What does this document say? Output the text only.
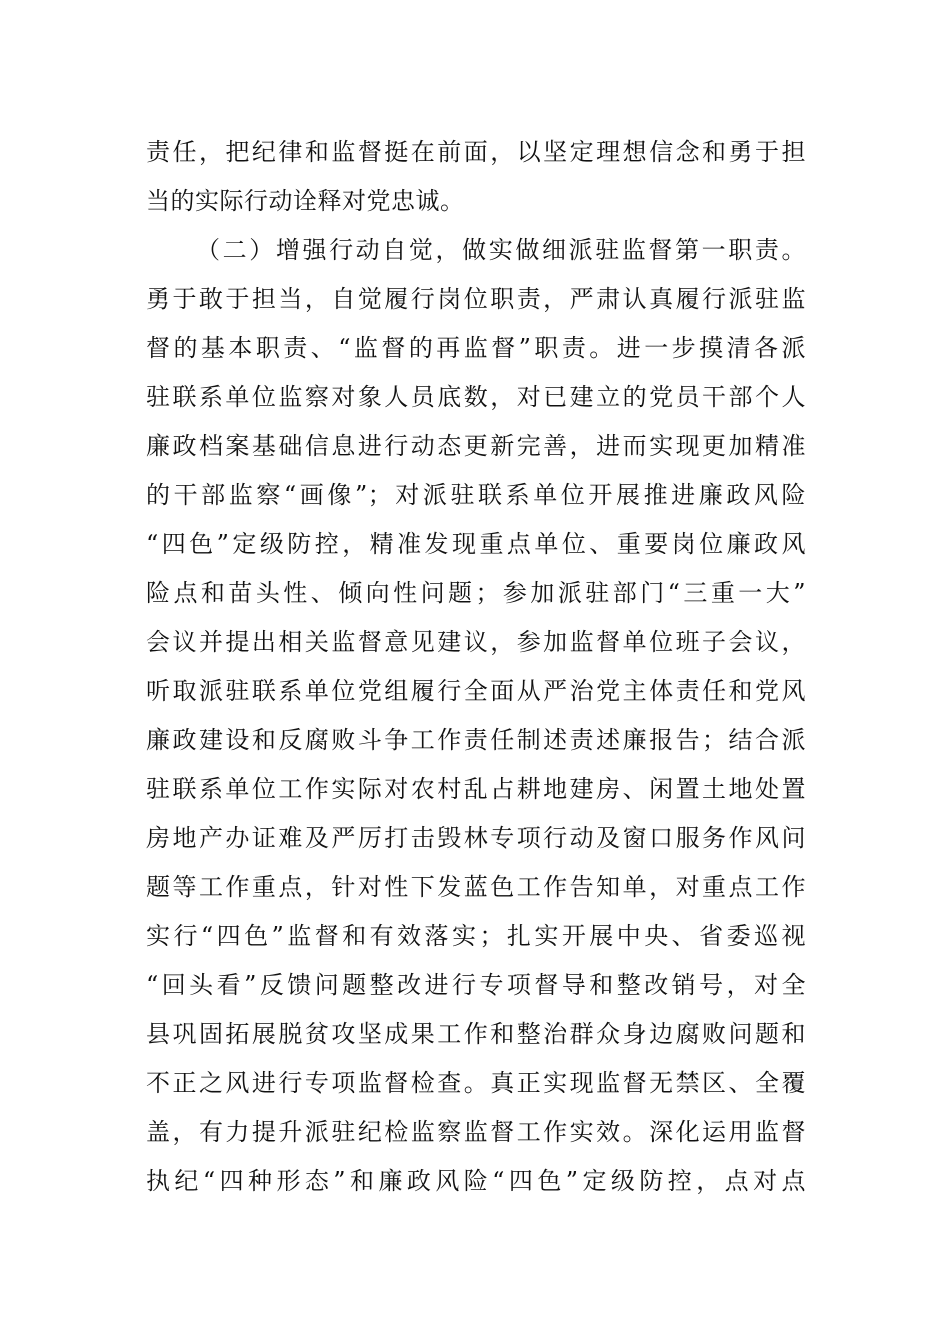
责任，把纪律和监督挺在前面，以坚定理想信念和勇于担
当的实际行动诠释对党忠诚。
（二）增强行动自觉，做实做细派驻监督第一职责。
勇于敢于担当，自觉履行岗位职责，严肃认真履行派驻监
督的基本职责、“监督的再监督”职责。进一步摸清各派
驻联系单位监察对象人员底数，对已建立的党员干部个人
廉政档案基础信息进行动态更新完善，进而实现更加精准
的干部监察“画像”；对派驻联系单位开展推进廉政风险
“四色”定级防控，精准发现重点单位、重要岗位廉政风
险点和苗头性、倾向性问题；参加派驻部门“三重一大”
会议并提出相关监督意见建议，参加监督单位班子会议，
听取派驻联系单位党组履行全面从严治党主体责任和党风
廉政建设和反腐败斗争工作责任制述责述廉报告；结合派
驻联系单位工作实际对农村乱占耕地建房、闲置土地处置
房地产办证难及严厉打击毁林专项行动及窗口服务作风问
题等工作重点，针对性下发蓝色工作告知单，对重点工作
实行“四色”监督和有效落实；扎实开展中央、省委巡视
“回头看”反馈问题整改进行专项督导和整改销号，对全
县巩固拓展脱贫攻坚成果工作和整治群众身边腐败问题和
不正之风进行专项监督检查。真正实现监督无禁区、全覆
盖，有力提升派驻纪检监察监督工作实效。深化运用监督
执纪“四种形态”和廉政风险“四色”定级防控，点对点
